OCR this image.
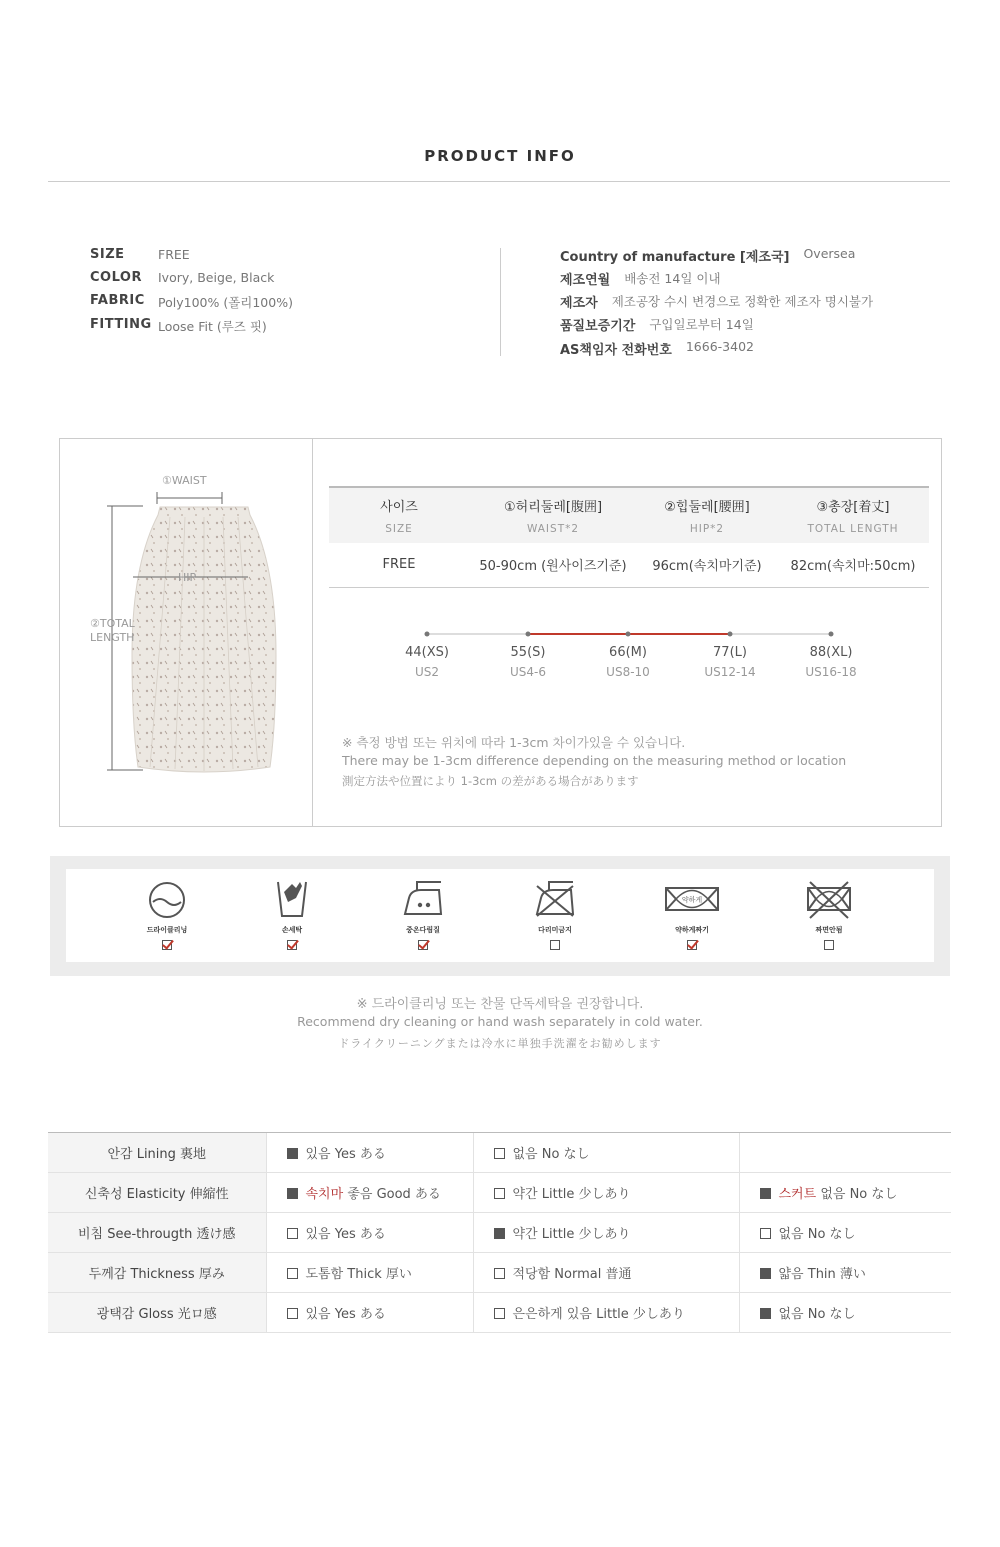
PRODUCT INFO
SIZE	FREE
COLOR	Ivory, Beige, Black
FABRIC	Poly100% (폴리100%)
FITTING Loose Fit (루즈 핏)
Country of manufacture [제조국] Oversea
제조연월 배송전 14일 이내
제조자 제조공장 수시 변경으로 정확한 제조자 명시불가
품질보증기간 구입일로부터 14일
AS책임자 전화번호 1666-3402
①WAIST
HIP
②TOTAL
LENGTH
사이즈	①허리둘레[腹囲]	②힙둘레[腰囲]	③총장[着丈]
SIZE	WAIST*2	HIP*2	TOTAL LENGTH
FREE	50-90cm (원사이즈기준)	96cm(속치마기준)	82cm(속치마:50cm)
44(XS)	55(S)	66(M)	77(L)	88(XL)
US2	US4-6	US8-10	US12-14	US16-18
※ 측정 방법 또는 위치에 따라 1-3cm 차이가있을 수 있습니다.
There may be 1-3cm difference depending on the measuring method or location
測定方法や位置により 1-3cm の差がある場合があります
드라이클리닝	손세탁	중온다림질	다리미금지
약하게
약하게짜기	짜면안됨
※ 드라이클리닝 또는 찬물 단독세탁을 권장합니다.
Recommend dry cleaning or hand wash separately in cold water.
ドライクリーニングまたは冷水に単独手洗濯をお勧めします
안감 Lining 裏地	있음 Yes ある	없음 No なし	
신축성 Elasticity 伸縮性	속치마 좋음 Good ある	약간 Little 少しあり	스커트 없음 No なし
비침 See-througth 透け感	있음 Yes ある	약간 Little 少しあり	없음 No なし
두께감 Thickness 厚み	도톰함 Thick 厚い	적당함 Normal 普通	얇음 Thin 薄い
광택감 Gloss 光ロ感	있음 Yes ある	은은하게 있음 Little 少しあり	없음 No なし
